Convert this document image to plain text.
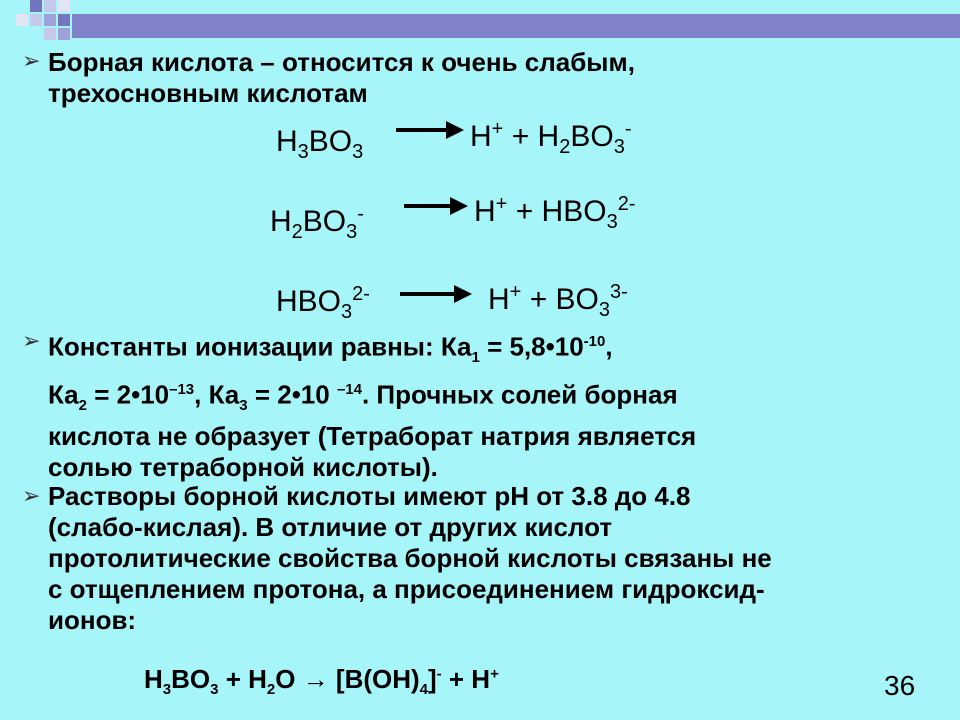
➢ Борная кислота – относится к очень слабым,
трехосновным кислотам

$H_3BO_3$	$H^+ + H_2BO_3^-$
$H_2BO_3^-$	$H^+ + HBO_3^{2-}$
$HBO_3^{2-}$	$H^+ + BO_3^{3-}$
➢ Константы ионизации равны: $Ка_1$ = $5,8•10^{-10}$,

$Ка_2$ = $2•10^{-13}$, $Ка_3$ = 2•10 $^{-14}$. Прочных солей борная
кислота не образует (Тетраборат натрия является
солью тетраборной кислоты).

➢ Растворы борной кислоты имеют pH от 3.8 до 4.8
(слабо-кислая). В отличие от других кислот
протолитические свойства борной кислоты связаны не
с отщеплением протона, а присоединением гидроксид-
ионов:

$H_3BO_3 + H_2O \to [B(OH)_4]^- + H^+$	36
